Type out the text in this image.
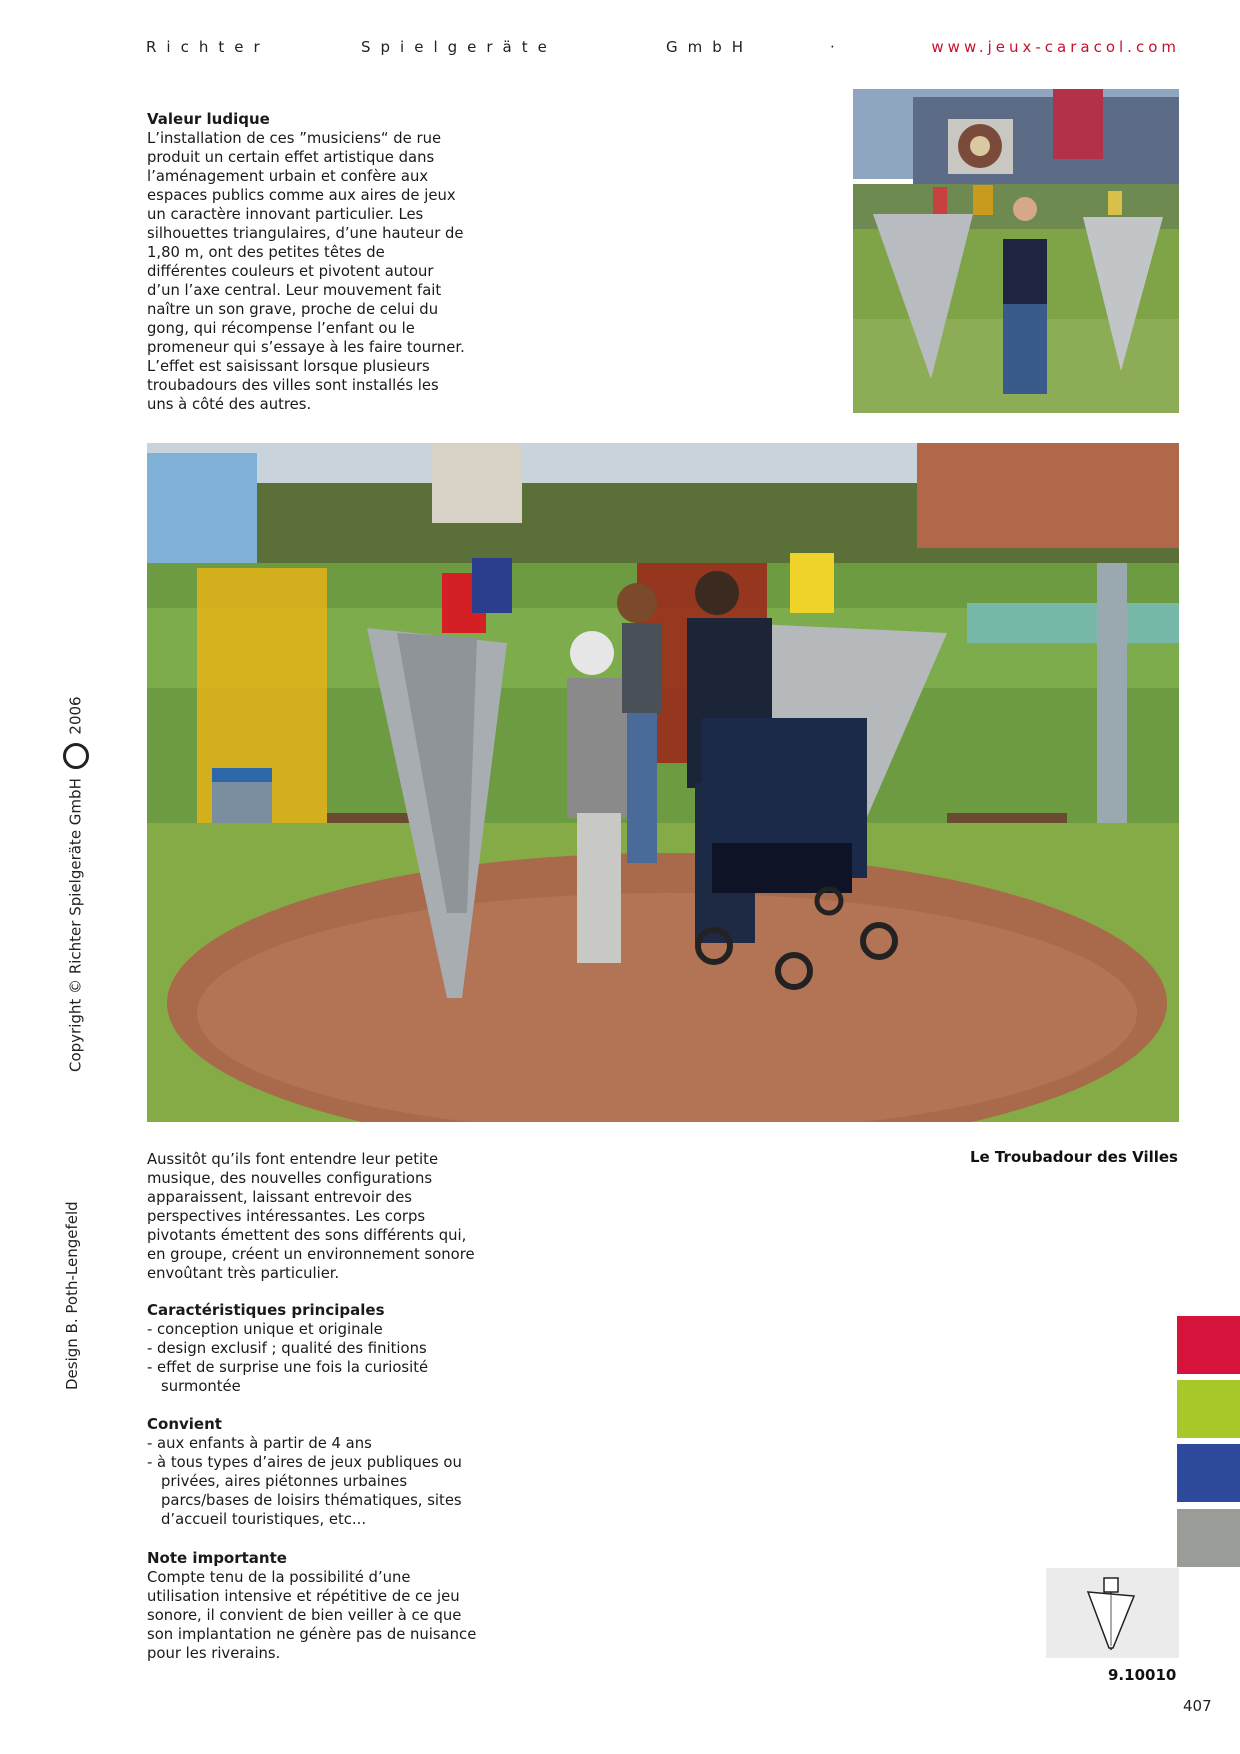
Richter	Spielgeräte	GmbH	·	www.jeux-caracol.com
Valeur ludique

L’installation de ces ”musiciens“ de rue produit un certain effet artistique dans l’aménagement urbain et confère aux espaces publics comme aux aires de jeux un caractère innovant particulier. Les silhouettes triangulaires, d’une hauteur de 1,80 m, ont des petites têtes de différentes couleurs et pivotent autour d’un l’axe central. Leur mouvement fait naître un son grave, proche de celui du gong, qui récompense l’enfant ou le promeneur qui s’essaye à les faire tourner. L’effet est saisissant lorsque plusieurs troubadours des villes sont installés les uns à côté des autres.

Le Troubadour des Villes

Aussitôt qu’ils font entendre leur petite musique, des nouvelles configurations apparaissent, laissant entrevoir des perspectives intéressantes. Les corps pivotants émettent des sons différents qui, en groupe, créent un environnement sonore envoûtant très particulier.

Caractéristiques principales
- conception unique et originale
- design exclusif ; qualité des finitions
- effet de surprise une fois la curiosité surmontée
Convient
- aux enfants à partir de 4 ans
- à tous types d’aires de jeux publiques ou privées, aires piétonnes urbaines parcs/bases de loisirs thématiques, sites d’accueil touristiques, etc...
Note importante

Compte tenu de la possibilité d’une utilisation intensive et répétitive de ce jeu sonore, il convient de bien veiller à ce que son implantation ne génère pas de nuisance pour les riverains.

Copyright © Richter Spielgeräte GmbH  2006
Design B. Poth-Lengefeld
9.10010
407
